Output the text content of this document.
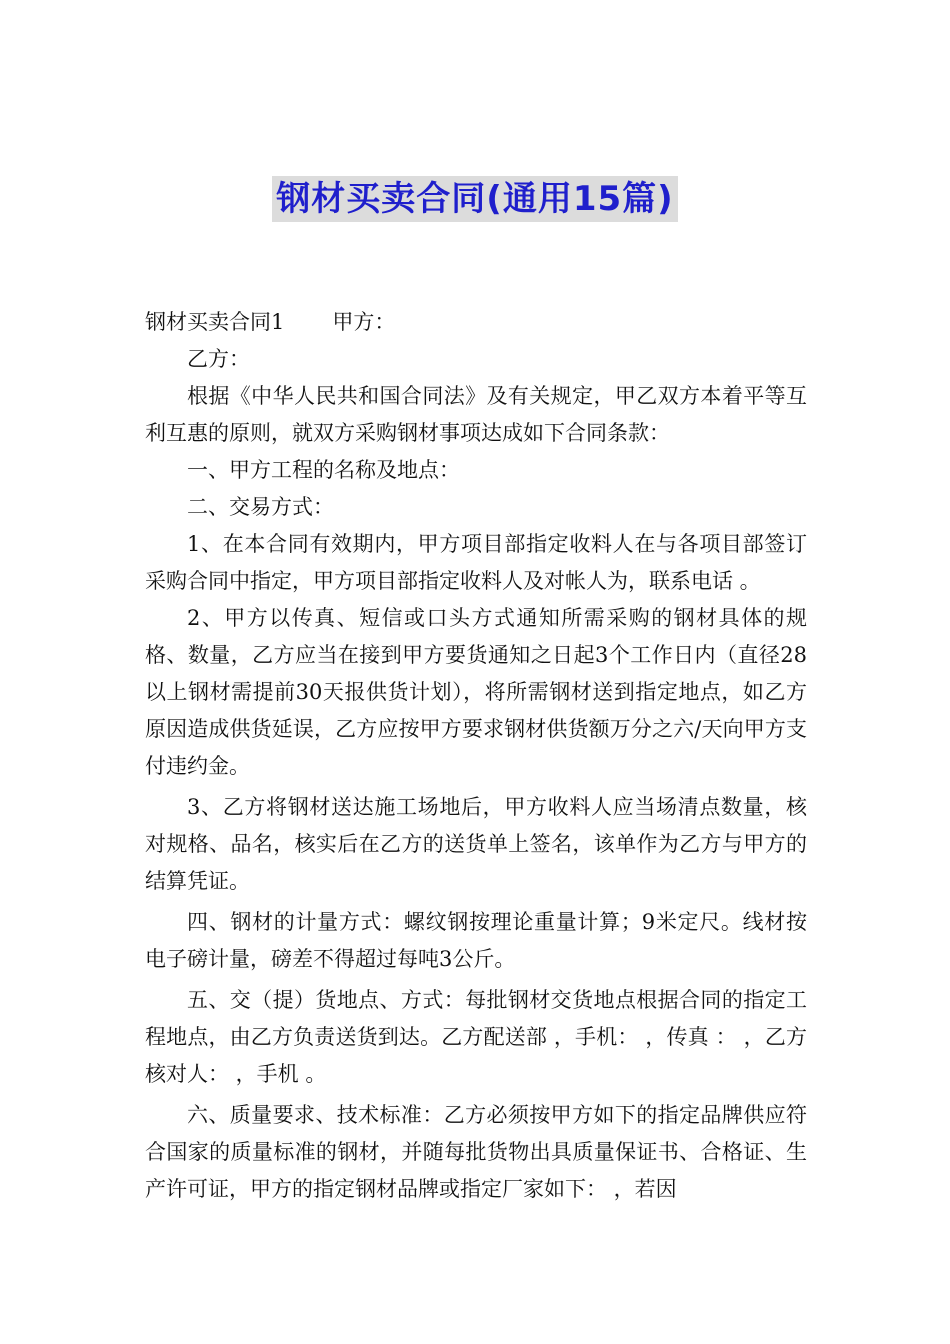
钢材买卖合同(通用15篇)

钢材买卖合同1 甲方：

乙方：

根据《中华人民共和国合同法》及有关规定，甲乙双方本着平等互利互惠的原则，就双方采购钢材事项达成如下合同条款：

一、甲方工程的名称及地点：

二、交易方式：

1、在本合同有效期内，甲方项目部指定收料人在与各项目部签订采购合同中指定，甲方项目部指定收料人及对帐人为，联系电话 。

2、甲方以传真、短信或口头方式通知所需采购的钢材具体的规格、数量，乙方应当在接到甲方要货通知之日起3个工作日内（直径28以上钢材需提前30天报供货计划），将所需钢材送到指定地点，如乙方原因造成供货延误，乙方应按甲方要求钢材供货额万分之六/天向甲方支付违约金。

3、乙方将钢材送达施工场地后，甲方收料人应当场清点数量，核对规格、品名，核实后在乙方的送货单上签名，该单作为乙方与甲方的结算凭证。

四、钢材的计量方式：螺纹钢按理论重量计算；9米定尺。线材按电子磅计量，磅差不得超过每吨3公斤。

五、交（提）货地点、方式：每批钢材交货地点根据合同的指定工程地点，由乙方负责送货到达。乙方配送部 ，手机： ，传真 ： ，乙方核对人： ，手机 。

六、质量要求、技术标准：乙方必须按甲方如下的指定品牌供应符合国家的质量标准的钢材，并随每批货物出具质量保证书、合格证、生产许可证，甲方的指定钢材品牌或指定厂家如下： ，若因
